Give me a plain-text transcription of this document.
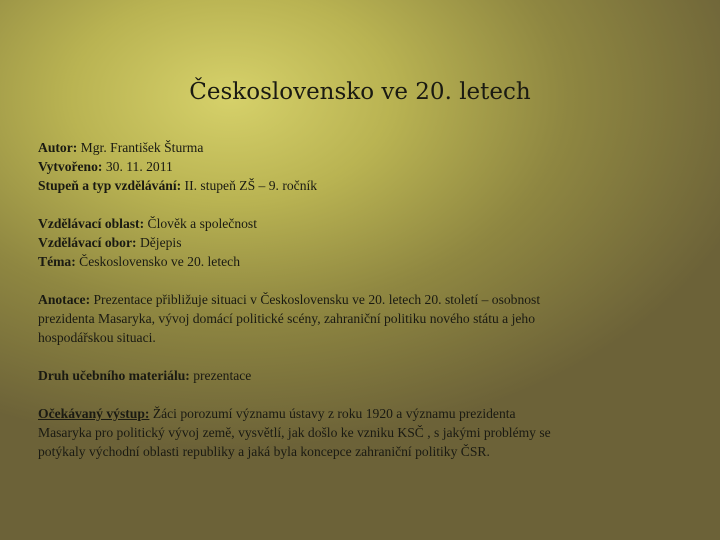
Československo ve 20. letech

Autor: Mgr. František Šturma

Vytvořeno: 30. 11. 2011

Stupeň a typ vzdělávání: II. stupeň ZŠ – 9. ročník

Vzdělávací oblast: Člověk a společnost

Vzdělávací obor: Dějepis

Téma: Československo ve 20. letech

Anotace: Prezentace přibližuje situaci v Československu ve 20. letech 20. století – osobnost

prezidenta Masaryka, vývoj domácí politické scény, zahraniční politiku nového státu a jeho

hospodářskou situaci.

Druh učebního materiálu: prezentace

Očekávaný výstup: Žáci porozumí významu ústavy z roku 1920 a významu prezidenta

Masaryka pro politický vývoj země, vysvětlí, jak došlo ke vzniku KSČ , s jakými problémy se

potýkaly východní oblasti republiky a jaká byla koncepce zahraniční politiky ČSR.
